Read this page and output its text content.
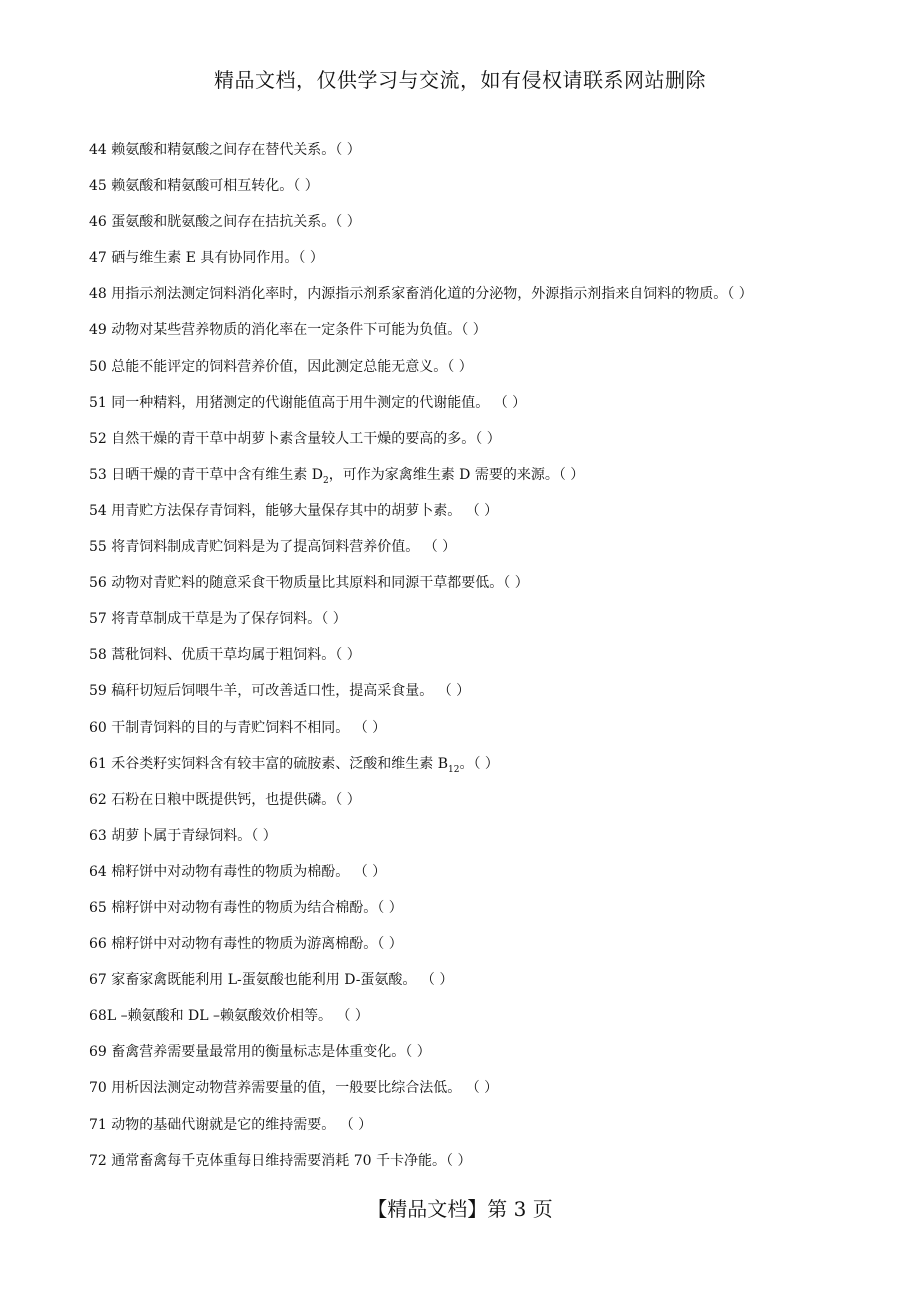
精品文档，仅供学习与交流，如有侵权请联系网站删除
44 赖氨酸和精氨酸之间存在替代关系。（ ）
45 赖氨酸和精氨酸可相互转化。（ ）
46 蛋氨酸和胱氨酸之间存在拮抗关系。（ ）
47 硒与维生素 E 具有协同作用。（ ）
48 用指示剂法测定饲料消化率时，内源指示剂系家畜消化道的分泌物，外源指示剂指来自饲料的物质。（ ）
49 动物对某些营养物质的消化率在一定条件下可能为负值。（ ）
50 总能不能评定的饲料营养价值，因此测定总能无意义。（ ）
51 同一种精料，用猪测定的代谢能值高于用牛测定的代谢能值。 （ ）
52 自然干燥的青干草中胡萝卜素含量较人工干燥的要高的多。（ ）
53 日晒干燥的青干草中含有维生素 $D_2$，可作为家禽维生素 D 需要的来源。（ ）
54 用青贮方法保存青饲料，能够大量保存其中的胡萝卜素。 （ ）
55 将青饲料制成青贮饲料是为了提高饲料营养价值。 （ ）
56 动物对青贮料的随意采食干物质量比其原料和同源干草都要低。（ ）
57 将青草制成干草是为了保存饲料。（ ）
58 蒿秕饲料、优质干草均属于粗饲料。（ ）
59 稿秆切短后饲喂牛羊，可改善适口性，提高采食量。 （ ）
60 干制青饲料的目的与青贮饲料不相同。 （ ）
61 禾谷类籽实饲料含有较丰富的硫胺素、泛酸和维生素 $B_{12}$。（ ）
62 石粉在日粮中既提供钙，也提供磷。（ ）
63 胡萝卜属于青绿饲料。（ ）
64 棉籽饼中对动物有毒性的物质为棉酚。 （ ）
65 棉籽饼中对动物有毒性的物质为结合棉酚。（ ）
66 棉籽饼中对动物有毒性的物质为游离棉酚。（ ）
67 家畜家禽既能利用 L-蛋氨酸也能利用 D-蛋氨酸。 （ ）
68L –赖氨酸和 DL –赖氨酸效价相等。 （ ）
69 畜禽营养需要量最常用的衡量标志是体重变化。（ ）
70 用析因法测定动物营养需要量的值，一般要比综合法低。 （ ）
71 动物的基础代谢就是它的维持需要。 （ ）
72 通常畜禽每千克体重每日维持需要消耗 70 千卡净能。（ ）
【精品文档】第 3 页
